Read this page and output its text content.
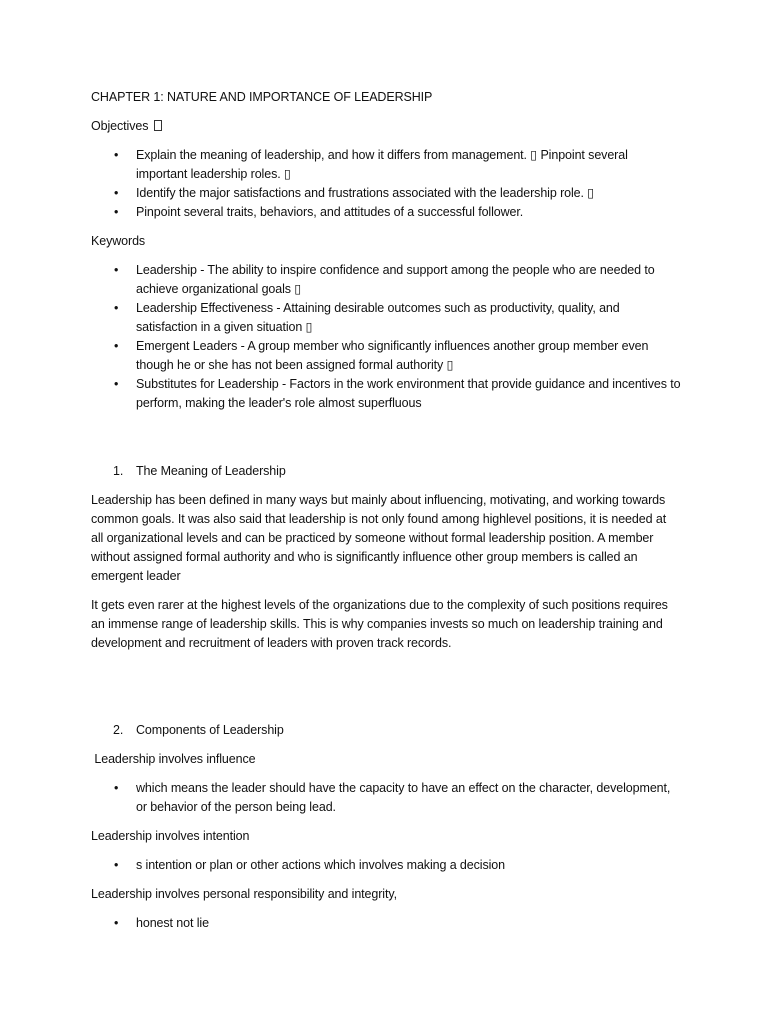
CHAPTER 1: NATURE AND IMPORTANCE OF LEADERSHIP

Objectives

• Explain the meaning of leadership, and how it differs from management. ▯ Pinpoint several important leadership roles. ▯
• Identify the major satisfactions and frustrations associated with the leadership role. ▯
• Pinpoint several traits, behaviors, and attitudes of a successful follower.

Keywords

• Leadership - The ability to inspire confidence and support among the people who are needed to achieve organizational goals ▯
• Leadership Effectiveness - Attaining desirable outcomes such as productivity, quality, and satisfaction in a given situation ▯
• Emergent Leaders - A group member who significantly influences another group member even though he or she has not been assigned formal authority ▯
• Substitutes for Leadership - Factors in the work environment that provide guidance and incentives to perform, making the leader's role almost superfluous
1. The Meaning of Leadership

Leadership has been defined in many ways but mainly about influencing, motivating, and working towards common goals. It was also said that leadership is not only found among highlevel positions, it is needed at all organizational levels and can be practiced by someone without formal leadership position. A member without assigned formal authority and who is significantly influence other group members is called an emergent leader

It gets even rarer at the highest levels of the organizations due to the complexity of such positions requires an immense range of leadership skills. This is why companies invests so much on leadership training and development and recruitment of leaders with proven track records.

2. Components of Leadership

Leadership involves influence

• which means the leader should have the capacity to have an effect on the character, development, or behavior of the person being lead.

Leadership involves intention

• s intention or plan or other actions which involves making a decision

Leadership involves personal responsibility and integrity,

• honest not lie
